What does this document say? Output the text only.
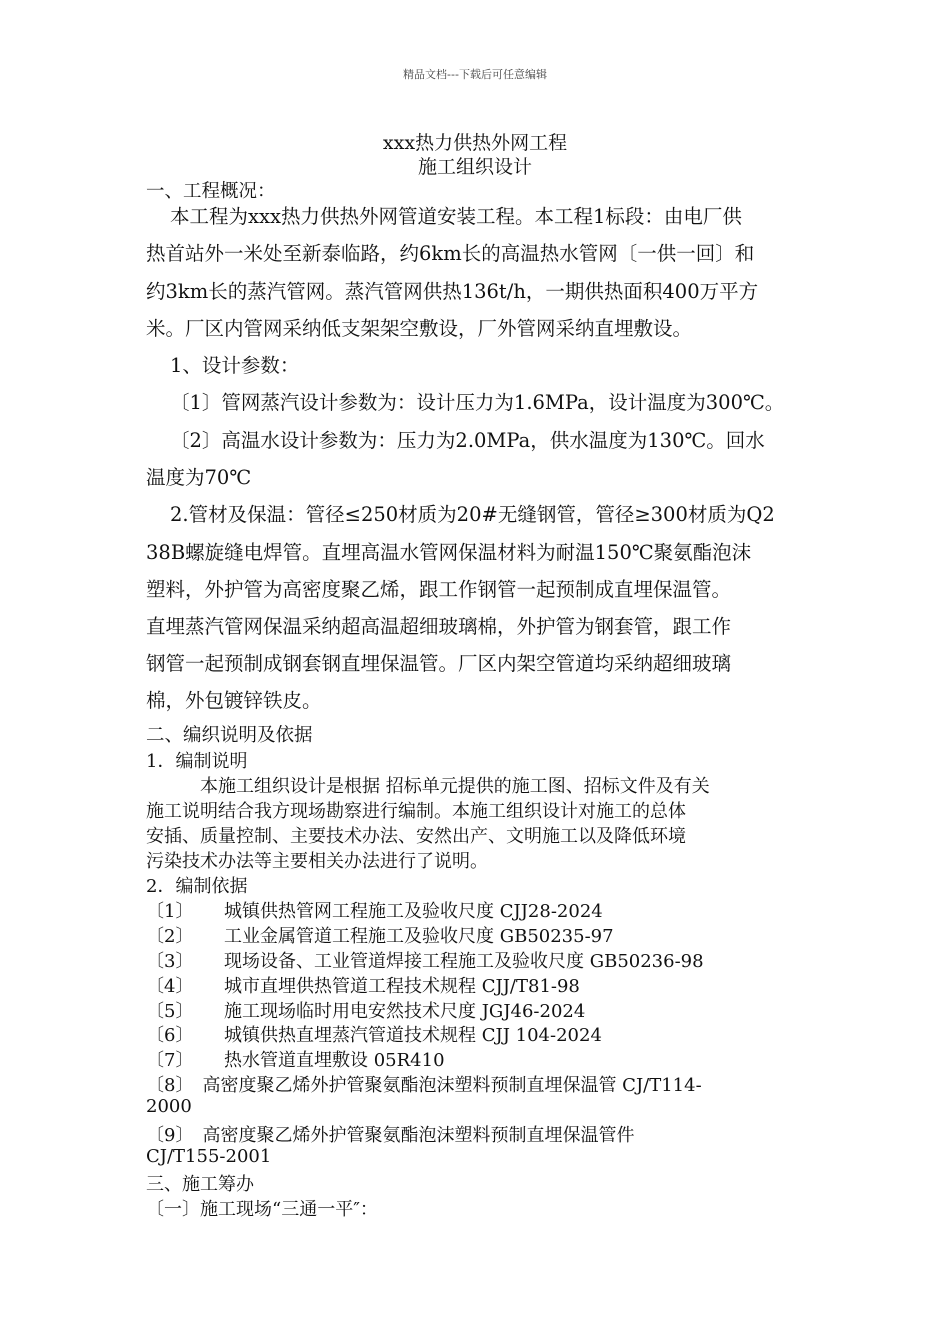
精品文档---下载后可任意编辑
xxx热力供热外网工程
施工组织设计
一、工程概况：
本工程为xxx热力供热外网管道安装工程。本工程1标段：由电厂供
热首站外一米处至新泰临路，约6km长的高温热水管网〔一供一回〕和
约3km长的蒸汽管网。蒸汽管网供热136t/h，一期供热面积400万平方
米。厂区内管网采纳低支架架空敷设，厂外管网采纳直埋敷设。
1、设计参数：
〔1〕管网蒸汽设计参数为：设计压力为1.6MPa，设计温度为300℃。
〔2〕高温水设计参数为：压力为2.0MPa，供水温度为130℃。回水
温度为70℃
2.管材及保温：管径≤250材质为20#无缝钢管，管径≥300材质为Q2
38B螺旋缝电焊管。直埋高温水管网保温材料为耐温150℃聚氨酯泡沫
塑料，外护管为高密度聚乙烯，跟工作钢管一起预制成直埋保温管。
直埋蒸汽管网保温采纳超高温超细玻璃棉，外护管为钢套管，跟工作
钢管一起预制成钢套钢直埋保温管。厂区内架空管道均采纳超细玻璃
棉，外包镀锌铁皮。
二、编织说明及依据
1．编制说明
本施工组织设计是根据 招标单元提供的施工图、招标文件及有关
施工说明结合我方现场勘察进行编制。本施工组织设计对施工的总体
安插、质量控制、主要技术办法、安然出产、文明施工以及降低环境
污染技术办法等主要相关办法进行了说明。
2．编制依据
〔1〕 城镇供热管网工程施工及验收尺度 CJJ28-2024
〔2〕 工业金属管道工程施工及验收尺度 GB50235-97
〔3〕 现场设备、工业管道焊接工程施工及验收尺度 GB50236-98
〔4〕 城市直埋供热管道工程技术规程 CJJ/T81-98
〔5〕 施工现场临时用电安然技术尺度 JGJ46-2024
〔6〕 城镇供热直埋蒸汽管道技术规程 CJJ 104-2024
〔7〕 热水管道直埋敷设 05R410
〔8〕　高密度聚乙烯外护管聚氨酯泡沫塑料预制直埋保温管 CJ/T114-
2000
〔9〕　高密度聚乙烯外护管聚氨酯泡沫塑料预制直埋保温管件
CJ/T155-2001
三、施工筹办
〔一〕施工现场“三通一平″：
